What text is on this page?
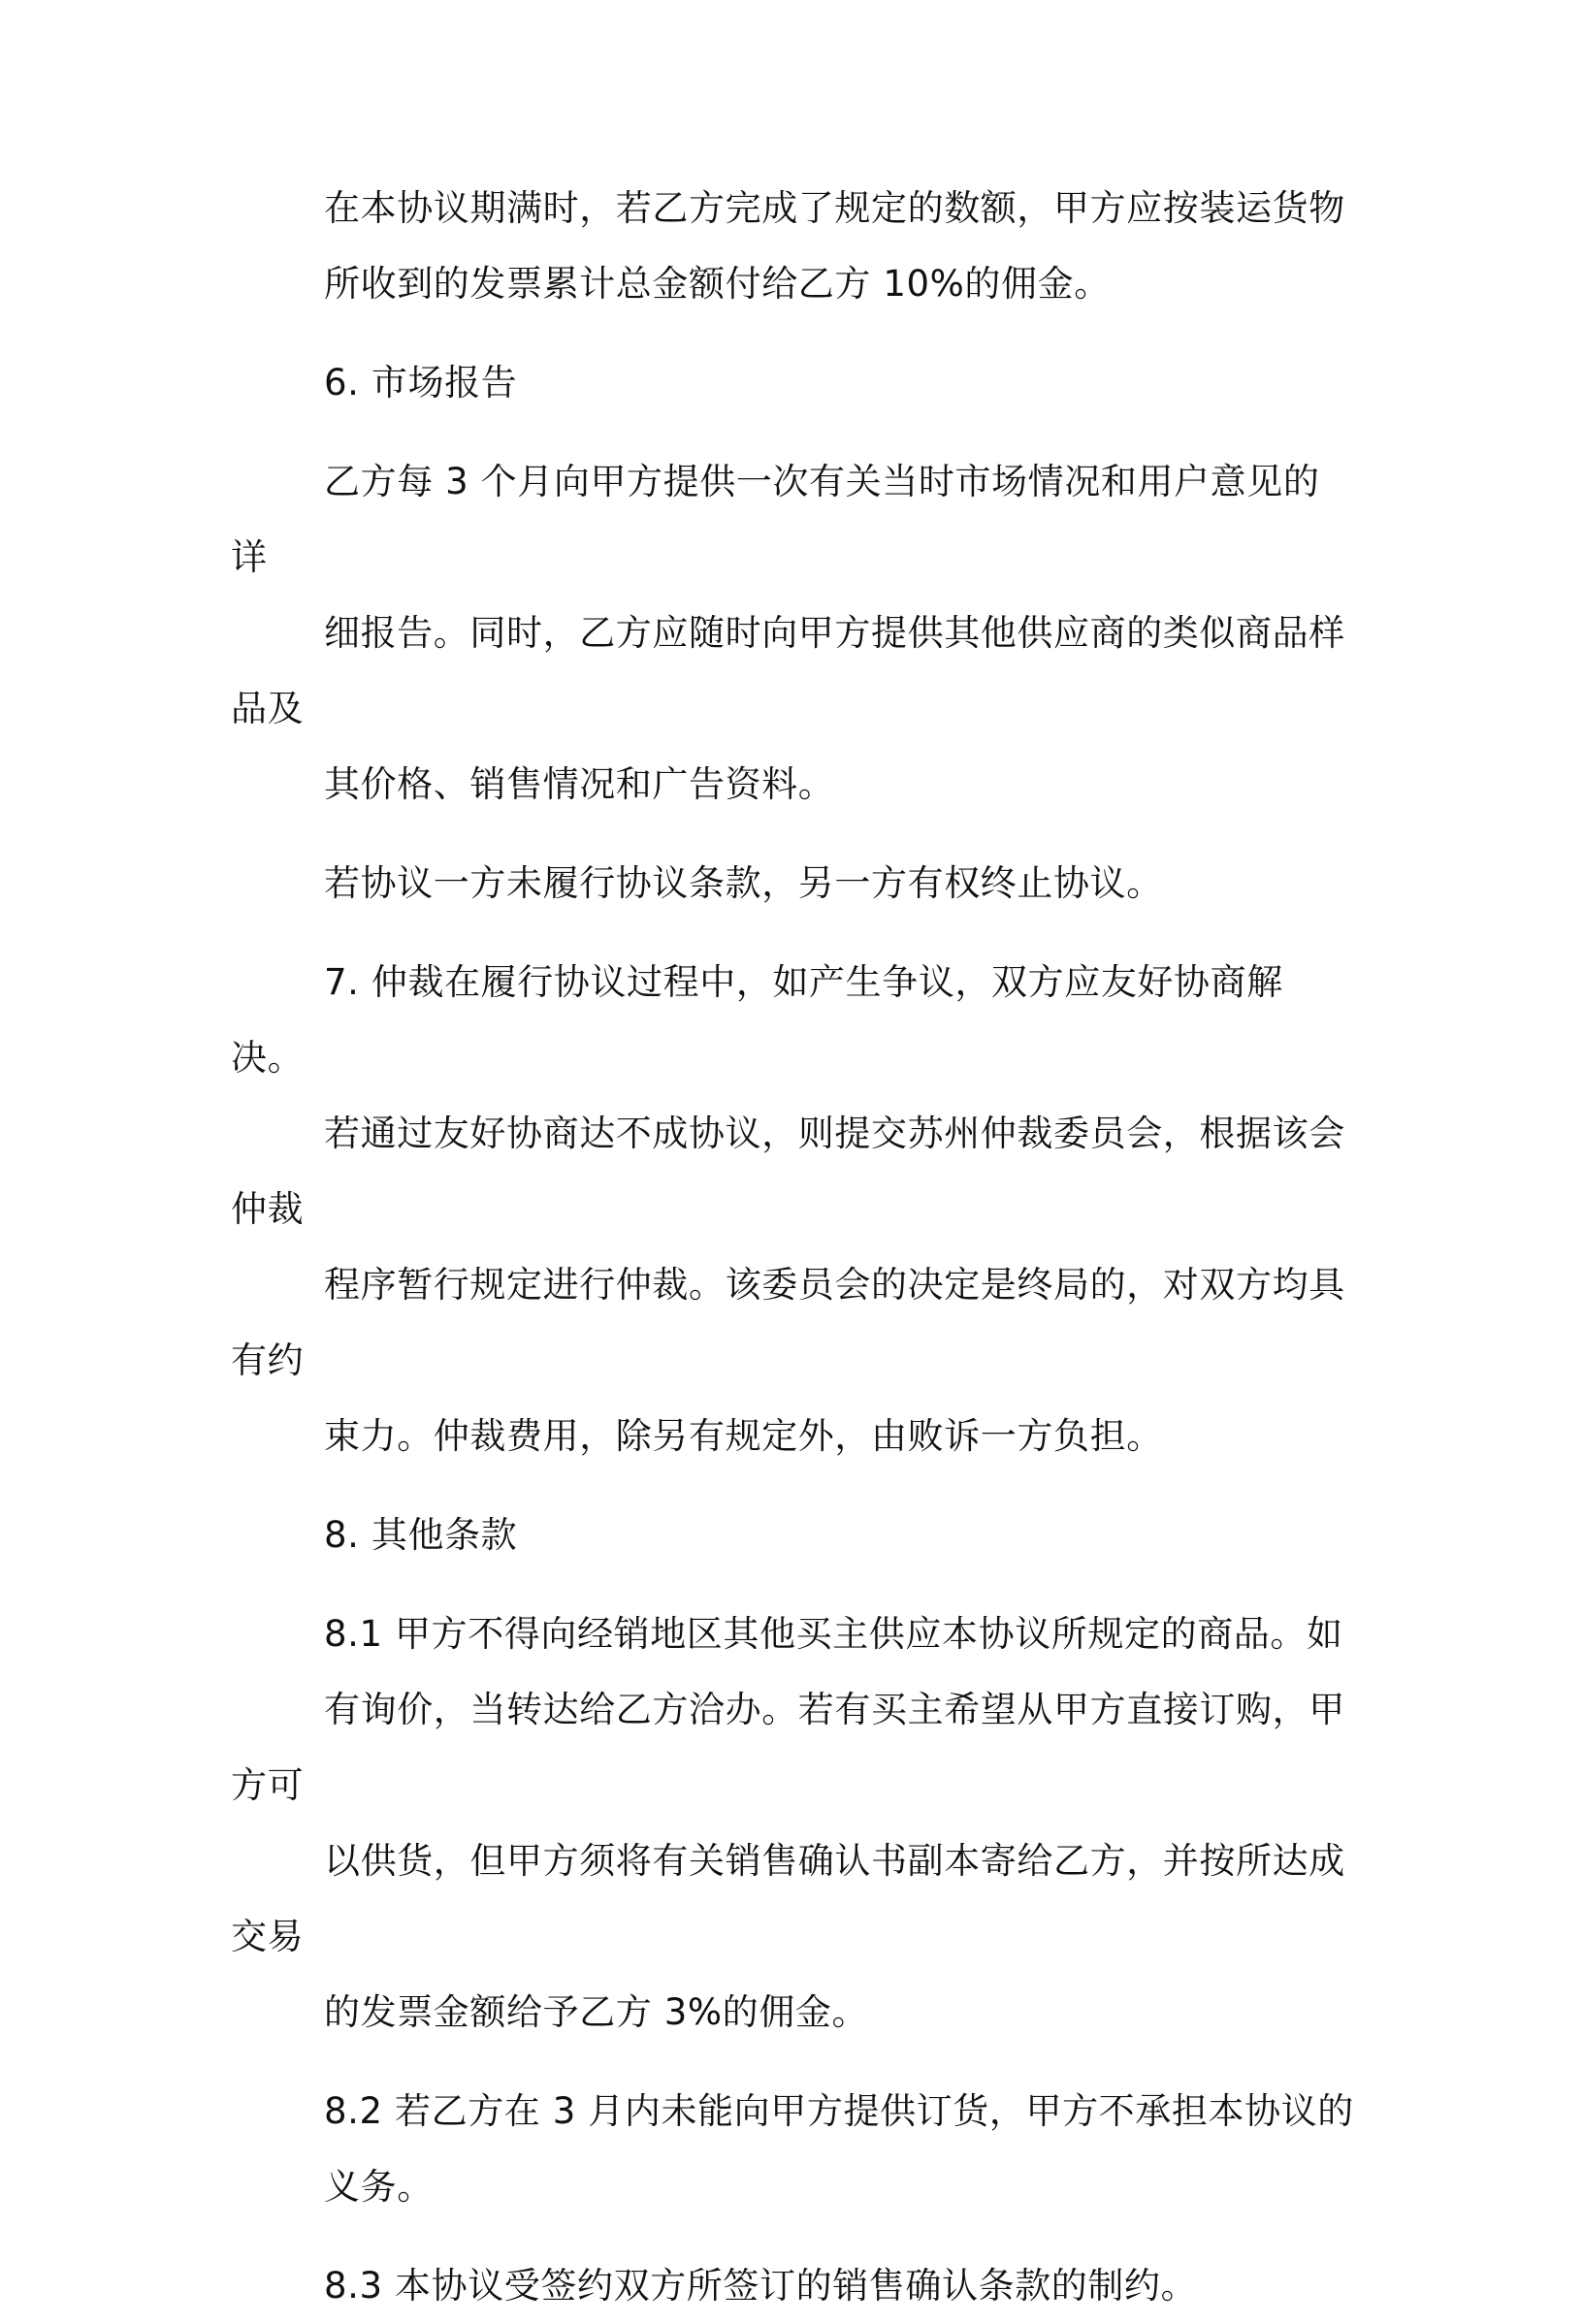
在本协议期满时，若乙方完成了规定的数额，甲方应按装运货物
所收到的发票累计总金额付给乙方 10%的佣金。

6. 市场报告

乙方每 3 个月向甲方提供一次有关当时市场情况和用户意见的详
细报告。同时，乙方应随时向甲方提供其他供应商的类似商品样品及
其价格、销售情况和广告资料。

若协议一方未履行协议条款，另一方有权终止协议。

7. 仲裁在履行协议过程中，如产生争议，双方应友好协商解决。
若通过友好协商达不成协议，则提交苏州仲裁委员会，根据该会仲裁
程序暂行规定进行仲裁。该委员会的决定是终局的，对双方均具有约
束力。仲裁费用，除另有规定外，由败诉一方负担。

8. 其他条款

8.1 甲方不得向经销地区其他买主供应本协议所规定的商品。如
有询价，当转达给乙方洽办。若有买主希望从甲方直接订购，甲方可
以供货，但甲方须将有关销售确认书副本寄给乙方，并按所达成交易
的发票金额给予乙方 3%的佣金。

8.2 若乙方在 3 月内未能向甲方提供订货，甲方不承担本协议的
义务。

8.3 本协议受签约双方所签订的销售确认条款的制约。
